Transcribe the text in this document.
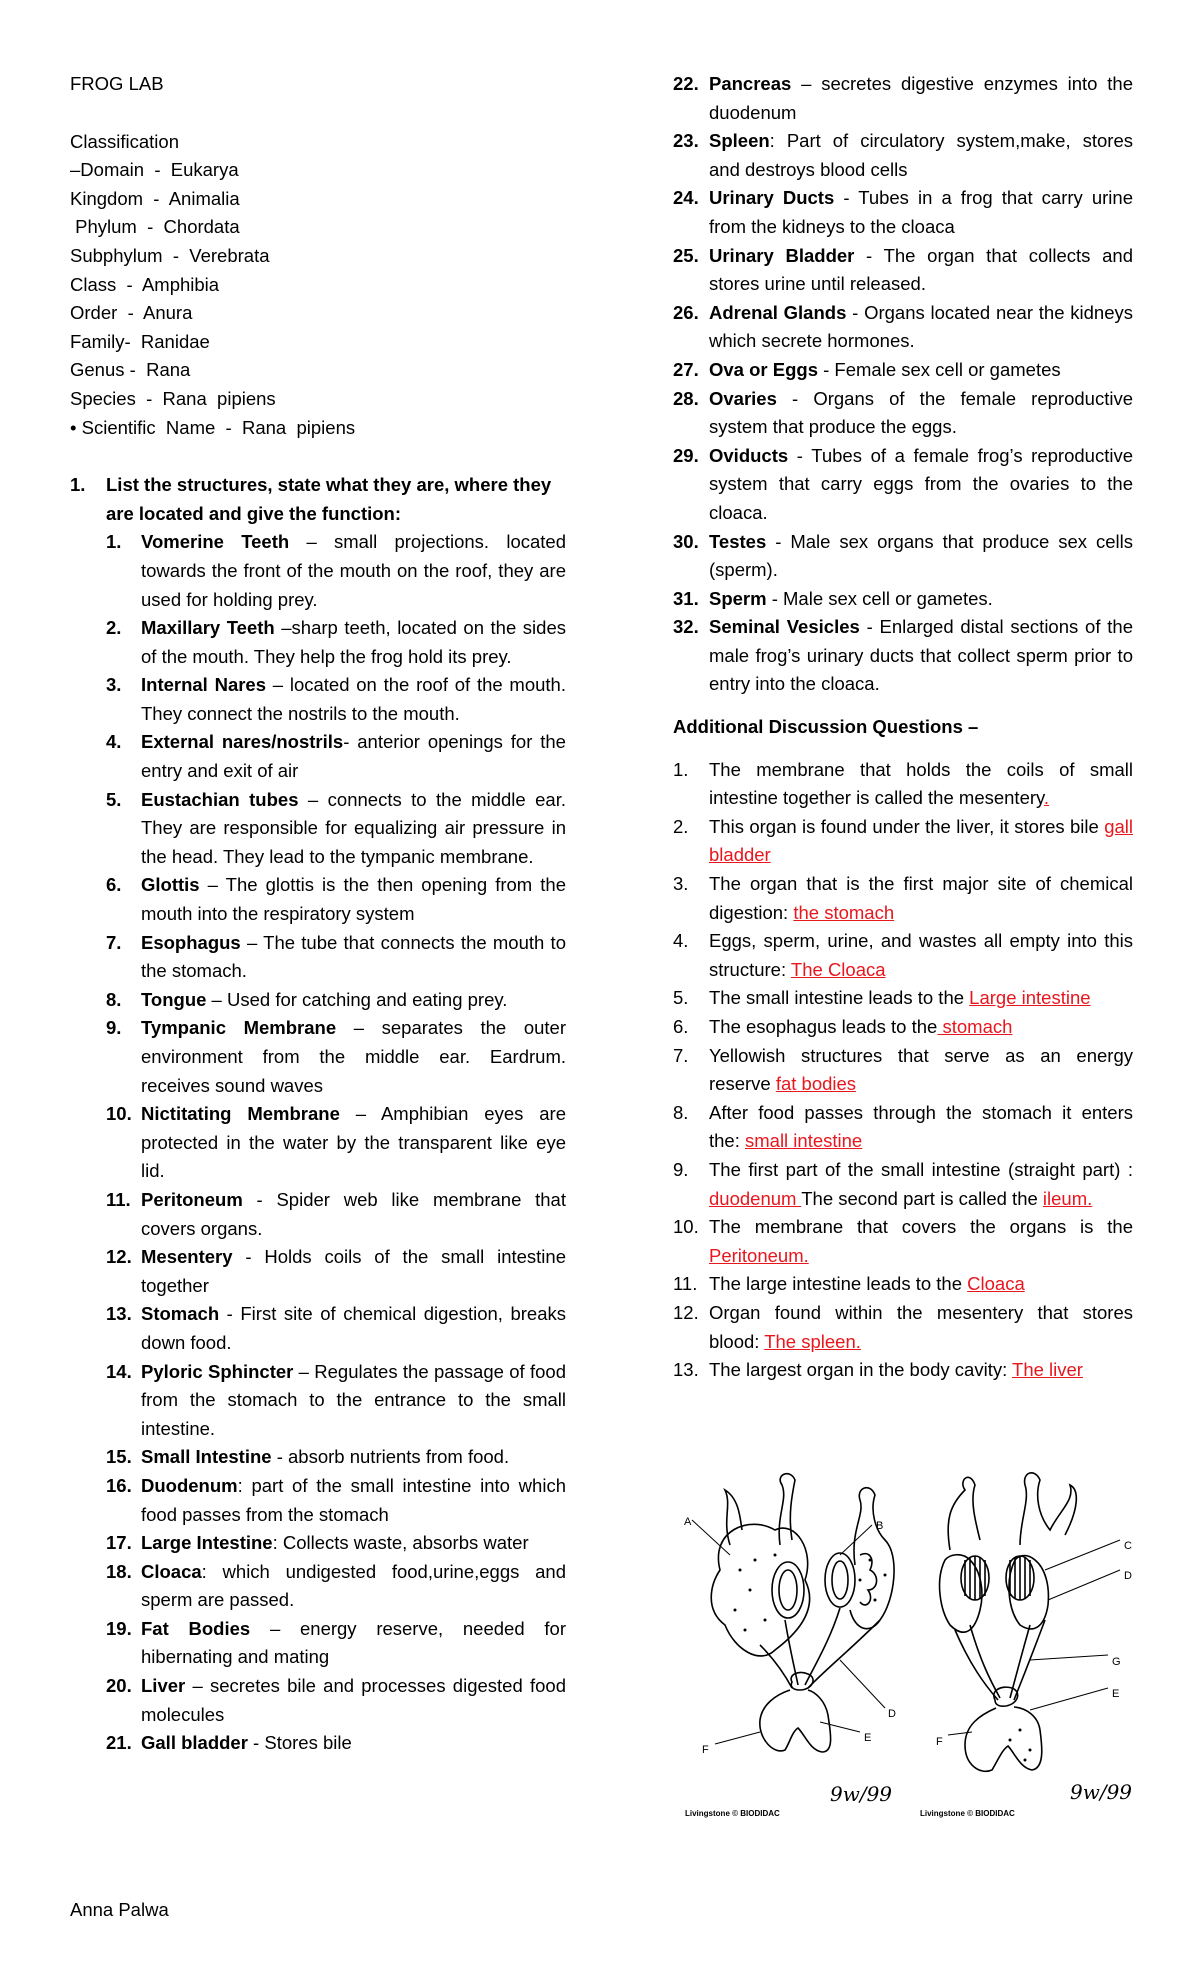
FROG LAB
Classification
–Domain  -  Eukarya
Kingdom  -  Animalia
Phylum  -  Chordata
Subphylum  -  Verebrata
Class  -  Amphibia
Order  -  Anura
Family-  Ranidae
Genus -  Rana
Species  -  Rana  pipiens
• Scientific  Name  -  Rana  pipiens
1.	List the structures, state what they are, where they are located and give the function:
1.	Vomerine Teeth – small projections. located towards the front of the mouth on the roof, they are used for holding prey.
2.	Maxillary Teeth –sharp teeth, located on the sides of the mouth. They help the frog hold its prey.
3.	Internal Nares – located on the roof of the mouth. They connect the nostrils to the mouth.
4.	External nares/nostrils- anterior openings for the entry and exit of air
5.	Eustachian tubes – connects to the middle ear. They are responsible for equalizing air pressure in the head. They lead to the tympanic membrane.
6.	Glottis – The glottis is the then opening from the mouth into the respiratory system
7.	Esophagus – The tube that connects the mouth to the stomach.
8.	Tongue – Used for catching and eating prey.
9.	Tympanic Membrane – separates the outer environment from the middle ear. Eardrum. receives sound waves
10. Nictitating Membrane – Amphibian eyes are protected in the water by the transparent like eye lid.
11. Peritoneum - Spider web like membrane that covers organs.
12. Mesentery - Holds coils of the small intestine together
13. Stomach - First site of chemical digestion, breaks down food.
14. Pyloric Sphincter – Regulates the passage of food from the stomach to the entrance to the small intestine.
15. Small Intestine - absorb nutrients from food.
16. Duodenum: part of the small intestine into which food passes from the stomach
17. Large Intestine: Collects waste, absorbs water
18. Cloaca: which undigested food,urine,eggs and sperm are passed.
19. Fat Bodies – energy reserve, needed for hibernating and mating
20. Liver – secretes bile and processes digested food molecules
21. Gall bladder - Stores bile
22. Pancreas – secretes digestive enzymes into the duodenum
23. Spleen: Part of circulatory system,make, stores and destroys blood cells
24. Urinary Ducts - Tubes in a frog that carry urine from the kidneys to the cloaca
25. Urinary Bladder - The organ that collects and stores urine until released.
26. Adrenal Glands - Organs located near the kidneys which secrete hormones.
27. Ova or Eggs - Female sex cell or gametes
28. Ovaries - Organs of the female reproductive system that produce the eggs.
29. Oviducts - Tubes of a female frog’s reproductive system that carry eggs from the ovaries to the cloaca.
30. Testes - Male sex organs that produce sex cells (sperm).
31. Sperm - Male sex cell or gametes.
32. Seminal Vesicles - Enlarged distal sections of the male frog’s urinary ducts that collect sperm prior to entry into the cloaca.
Additional Discussion Questions –
1.	The membrane that holds the coils of small intestine together is called the mesentery.
2.	This organ is found under the liver, it stores bile gall bladder
3.	The organ that is the first major site of chemical digestion: the stomach
4.	Eggs, sperm, urine, and wastes all empty into this structure: The Cloaca
5.	The small intestine leads to the Large intestine
6.	The esophagus leads to the stomach
7.	Yellowish structures that serve as an energy reserve fat bodies
8.	After food passes through the stomach it enters the: small intestine
9.	The first part of the small intestine (straight part) : duodenum The second part is called the ileum.
10. The membrane that covers the organs is the Peritoneum.
11. The large intestine leads to the Cloaca
12. Organ found within the mesentery that stores blood: The spleen.
13. The largest organ in the body cavity: The liver
A	B
D
E
F
Livingstone © BIODIDAC
9w/99
C
D
G
E
F
Livingstone © BIODIDAC
9w/99
Anna Palwa
